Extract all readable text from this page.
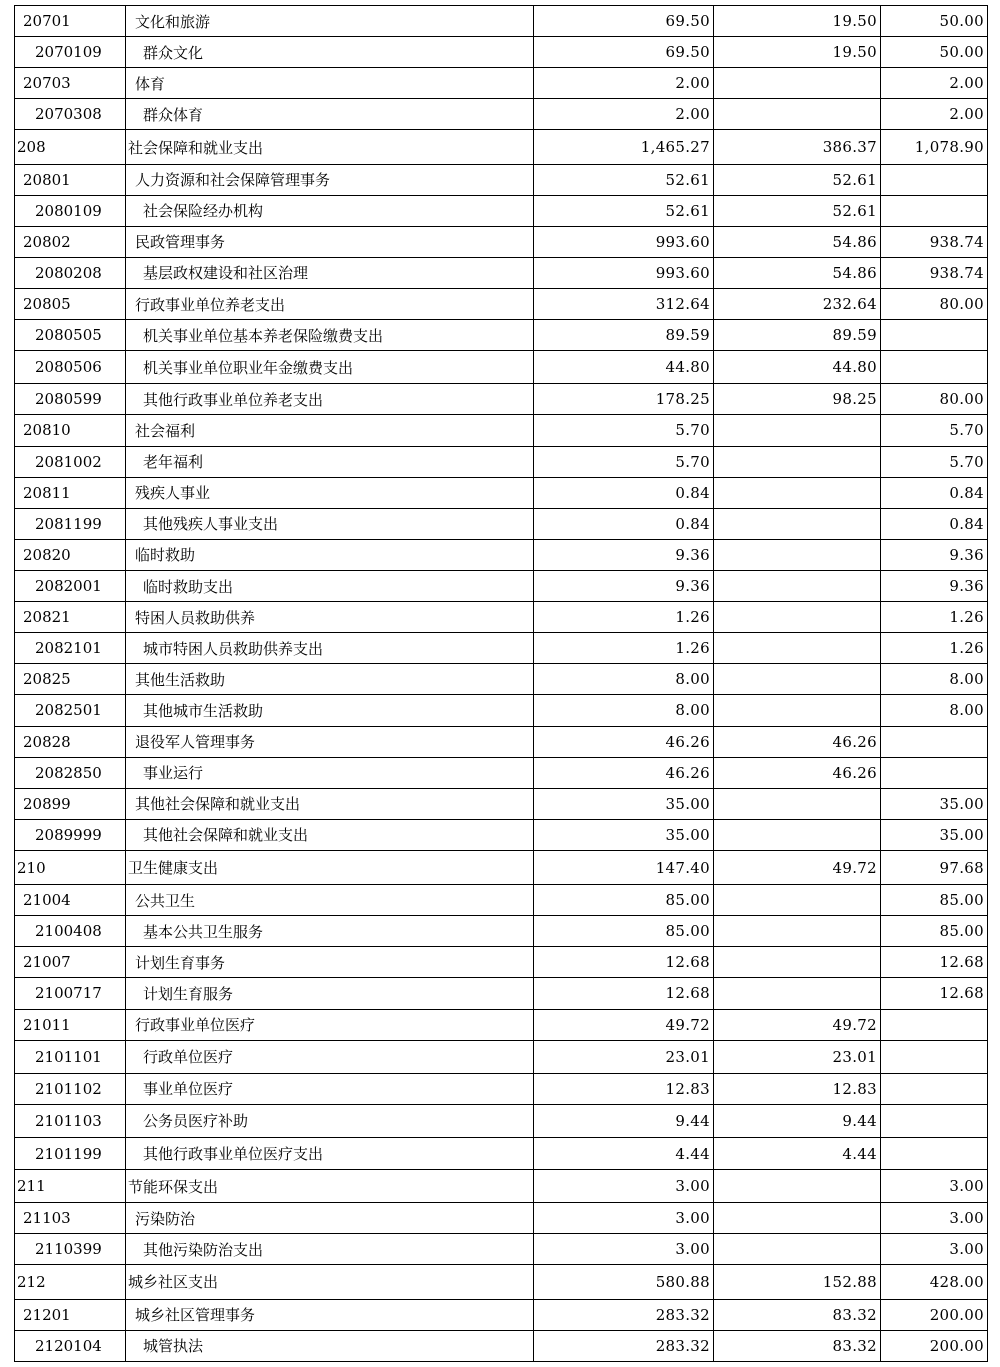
20701	文化和旅游	69.50	19.50	50.00
2070109	群众文化	69.50	19.50	50.00
20703	体育	2.00		2.00
2070308	群众体育	2.00		2.00
208	社会保障和就业支出	1,465.27	386.37	1,078.90
20801	人力资源和社会保障管理事务	52.61	52.61	
2080109	社会保险经办机构	52.61	52.61	
20802	民政管理事务	993.60	54.86	938.74
2080208	基层政权建设和社区治理	993.60	54.86	938.74
20805	行政事业单位养老支出	312.64	232.64	80.00
2080505	机关事业单位基本养老保险缴费支出	89.59	89.59	
2080506	机关事业单位职业年金缴费支出	44.80	44.80	
2080599	其他行政事业单位养老支出	178.25	98.25	80.00
20810	社会福利	5.70		5.70
2081002	老年福利	5.70		5.70
20811	残疾人事业	0.84		0.84
2081199	其他残疾人事业支出	0.84		0.84
20820	临时救助	9.36		9.36
2082001	临时救助支出	9.36		9.36
20821	特困人员救助供养	1.26		1.26
2082101	城市特困人员救助供养支出	1.26		1.26
20825	其他生活救助	8.00		8.00
2082501	其他城市生活救助	8.00		8.00
20828	退役军人管理事务	46.26	46.26	
2082850	事业运行	46.26	46.26	
20899	其他社会保障和就业支出	35.00		35.00
2089999	其他社会保障和就业支出	35.00		35.00
210	卫生健康支出	147.40	49.72	97.68
21004	公共卫生	85.00		85.00
2100408	基本公共卫生服务	85.00		85.00
21007	计划生育事务	12.68		12.68
2100717	计划生育服务	12.68		12.68
21011	行政事业单位医疗	49.72	49.72	
2101101	行政单位医疗	23.01	23.01	
2101102	事业单位医疗	12.83	12.83	
2101103	公务员医疗补助	9.44	9.44	
2101199	其他行政事业单位医疗支出	4.44	4.44	
211	节能环保支出	3.00		3.00
21103	污染防治	3.00		3.00
2110399	其他污染防治支出	3.00		3.00
212	城乡社区支出	580.88	152.88	428.00
21201	城乡社区管理事务	283.32	83.32	200.00
2120104	城管执法	283.32	83.32	200.00
